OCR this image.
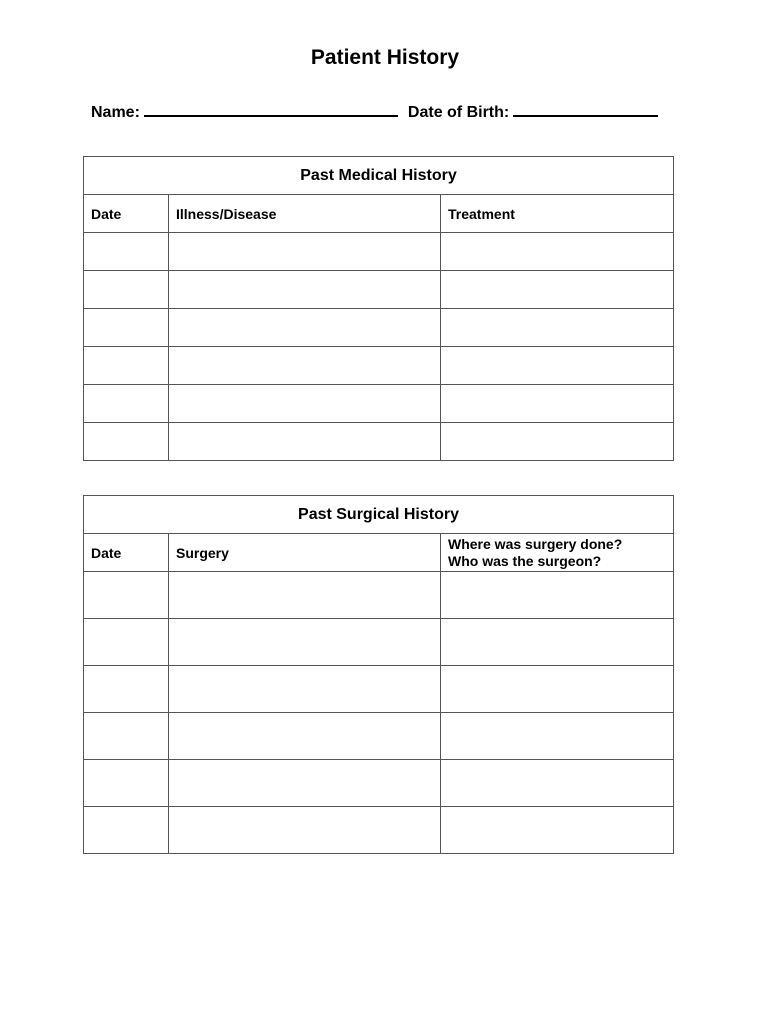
Patient History
Name:	Date of Birth:
Past Medical History		
Date	Illness/Disease	Treatment

Past Surgical History		
Date	Surgery	Where was surgery done?
Who was the surgeon?
